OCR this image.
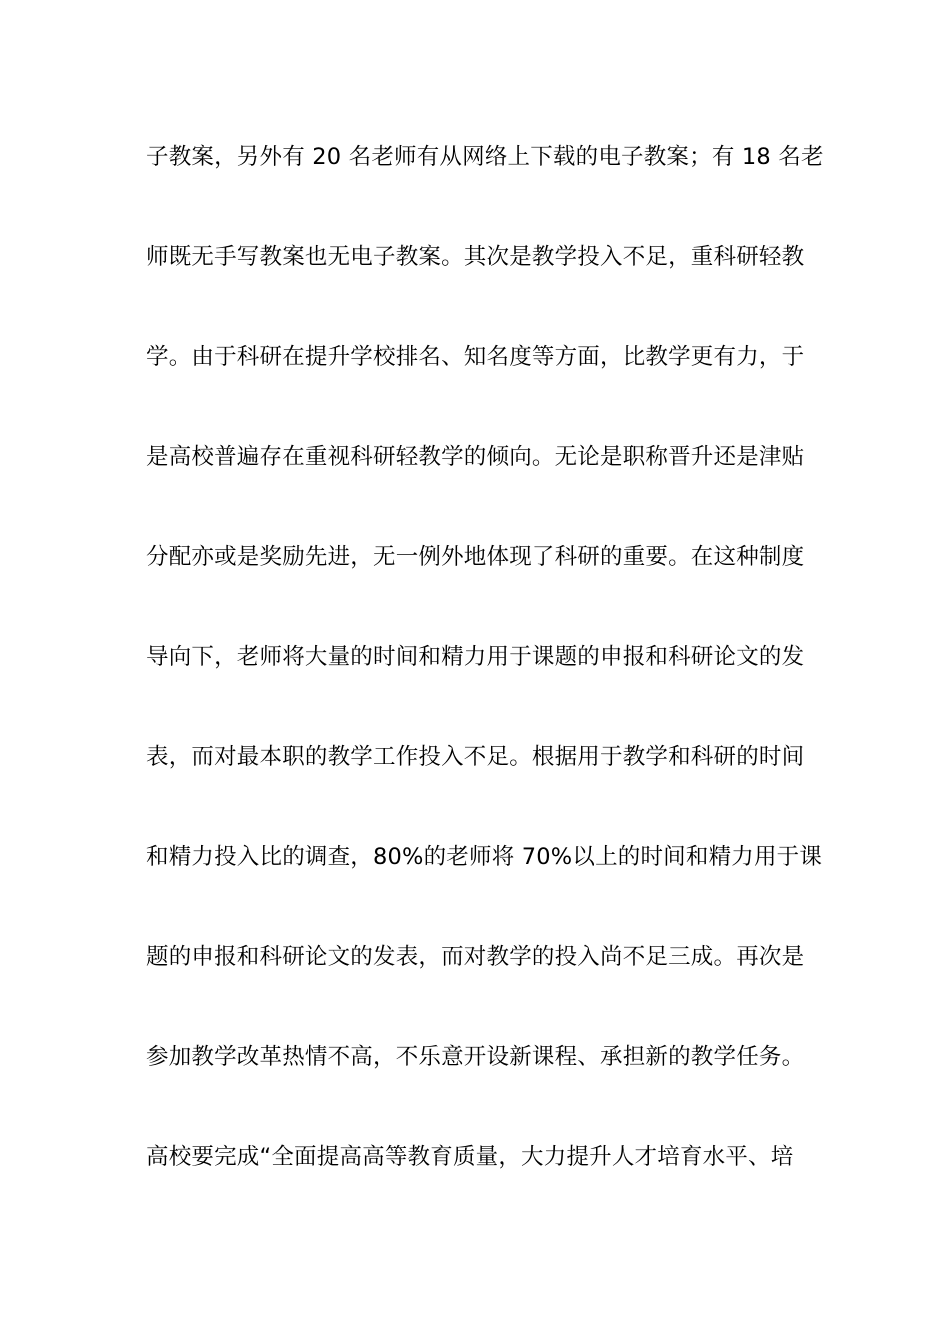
子教案，另外有 20 名老师有从网络上下载的电子教案；有 18 名老
师既无手写教案也无电子教案。其次是教学投入不足，重科研轻教
学。由于科研在提升学校排名、知名度等方面，比教学更有力，于
是高校普遍存在重视科研轻教学的倾向。无论是职称晋升还是津贴
分配亦或是奖励先进，无一例外地体现了科研的重要。在这种制度
导向下，老师将大量的时间和精力用于课题的申报和科研论文的发
表，而对最本职的教学工作投入不足。根据用于教学和科研的时间
和精力投入比的调查，80%的老师将 70%以上的时间和精力用于课
题的申报和科研论文的发表，而对教学的投入尚不足三成。再次是
参加教学改革热情不高，不乐意开设新课程、承担新的教学任务。
高校要完成“全面提高高等教育质量，大力提升人才培育水平、培
